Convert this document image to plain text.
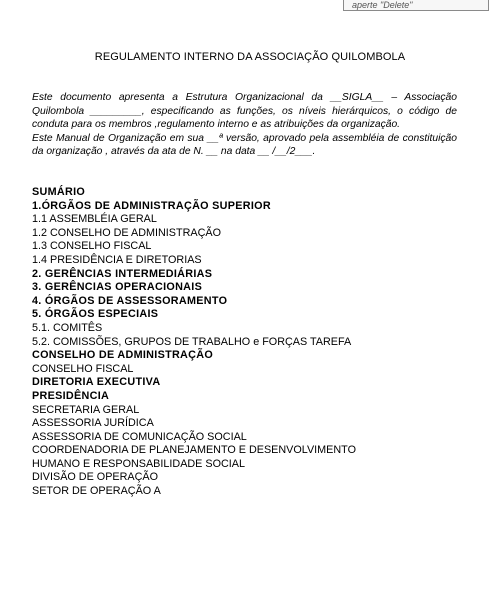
aperte "Delete"
REGULAMENTO INTERNO DA ASSOCIAÇÃO QUILOMBOLA

Este documento apresenta a Estrutura Organizacional da __SIGLA__ – Associação Quilombola _________, especificando as funções, os níveis hierárquicos, o código de conduta para os membros ,regulamento interno e as atribuições da organização.

Este Manual de Organização em sua __ª versão, aprovado pela assembléia de constituição da organização , através da ata de N. __ na data __ /__/2___.

SUMÁRIO
1.ÓRGÃOS DE ADMINISTRAÇÃO SUPERIOR
1.1 ASSEMBLÉIA GERAL
1.2 CONSELHO DE ADMINISTRAÇÃO
1.3 CONSELHO FISCAL
1.4 PRESIDÊNCIA E DIRETORIAS
2. GERÊNCIAS INTERMEDIÁRIAS
3. GERÊNCIAS OPERACIONAIS
4. ÓRGÃOS DE ASSESSORAMENTO
5. ÓRGÃOS ESPECIAIS
5.1. COMITÊS
5.2. COMISSÕES, GRUPOS DE TRABALHO e FORÇAS TAREFA
CONSELHO DE ADMINISTRAÇÃO
CONSELHO FISCAL
DIRETORIA EXECUTIVA
PRESIDÊNCIA
SECRETARIA GERAL
ASSESSORIA JURÍDICA
ASSESSORIA DE COMUNICAÇÃO SOCIAL
COORDENADORIA DE PLANEJAMENTO E DESENVOLVIMENTO
HUMANO E RESPONSABILIDADE SOCIAL
DIVISÃO DE OPERAÇÃO
SETOR DE OPERAÇÃO A
